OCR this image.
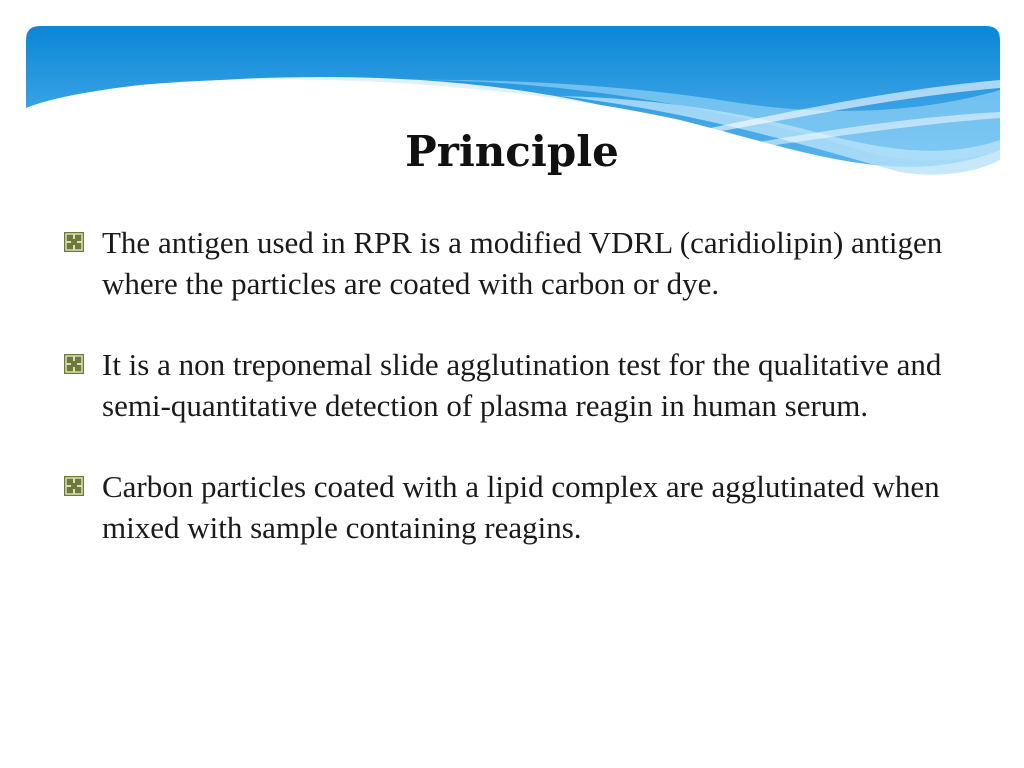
Principle
The antigen used in RPR is a modified VDRL (caridiolipin) antigen where the particles are coated with carbon or dye.
It is a non treponemal slide agglutination test for the qualitative and semi-quantitative detection of plasma reagin in human serum.
Carbon particles coated with a lipid complex are agglutinated when mixed with sample containing reagins.
